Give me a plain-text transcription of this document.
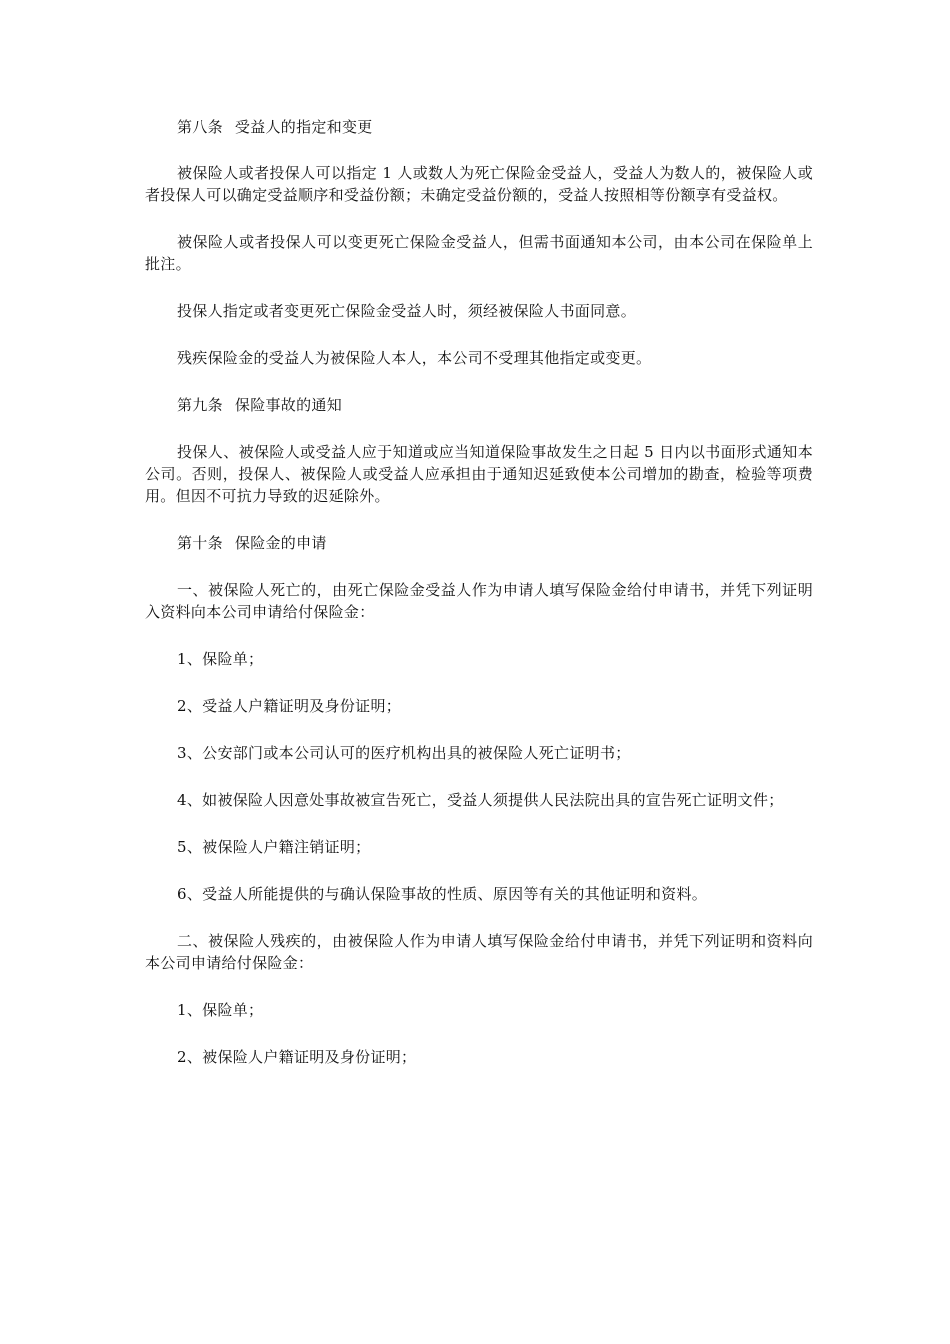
第八条 受益人的指定和变更

被保险人或者投保人可以指定 1 人或数人为死亡保险金受益人，受益人为数人的，被保险人或者投保人可以确定受益顺序和受益份额；未确定受益份额的，受益人按照相等份额享有受益权。

被保险人或者投保人可以变更死亡保险金受益人，但需书面通知本公司，由本公司在保险单上批注。

投保人指定或者变更死亡保险金受益人时，须经被保险人书面同意。

残疾保险金的受益人为被保险人本人，本公司不受理其他指定或变更。

第九条 保险事故的通知

投保人、被保险人或受益人应于知道或应当知道保险事故发生之日起 5 日内以书面形式通知本公司。否则，投保人、被保险人或受益人应承担由于通知迟延致使本公司增加的勘查，检验等项费用。但因不可抗力导致的迟延除外。

第十条 保险金的申请

一、被保险人死亡的，由死亡保险金受益人作为申请人填写保险金给付申请书，并凭下列证明入资料向本公司申请给付保险金：

1、保险单；

2、受益人户籍证明及身份证明；

3、公安部门或本公司认可的医疗机构出具的被保险人死亡证明书；

4、如被保险人因意处事故被宣告死亡，受益人须提供人民法院出具的宣告死亡证明文件；

5、被保险人户籍注销证明；

6、受益人所能提供的与确认保险事故的性质、原因等有关的其他证明和资料。

二、被保险人残疾的，由被保险人作为申请人填写保险金给付申请书，并凭下列证明和资料向本公司申请给付保险金：

1、保险单；

2、被保险人户籍证明及身份证明；
